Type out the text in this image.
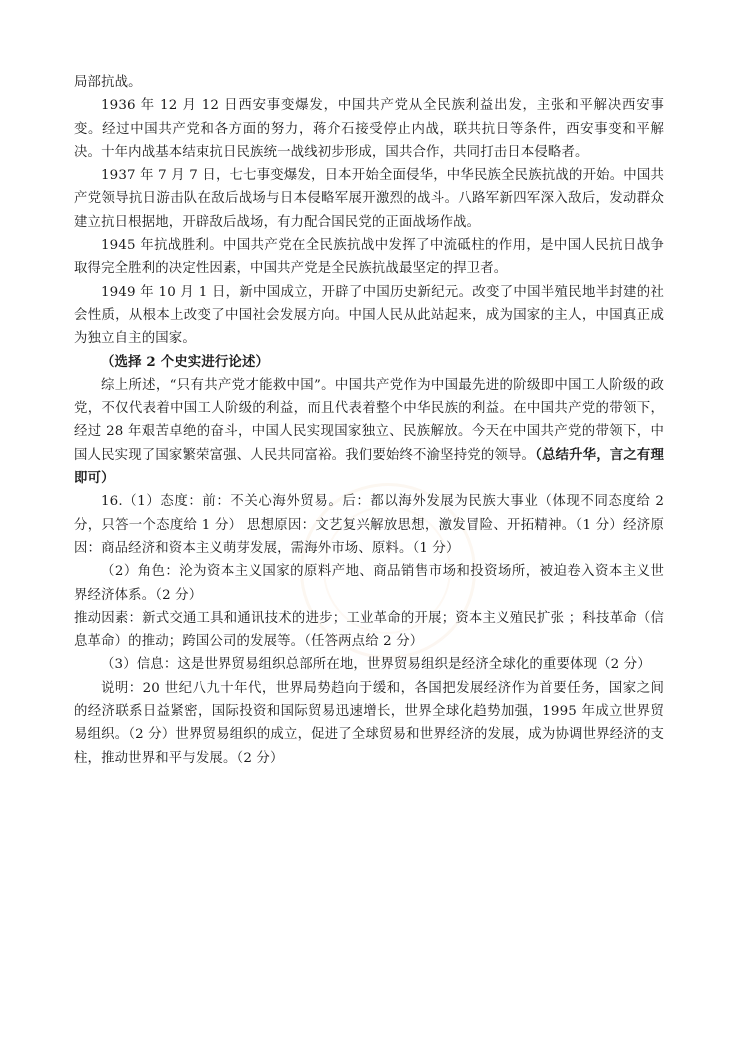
局部抗战。

1936 年 12 月 12 日西安事变爆发，中国共产党从全民族利益出发，主张和平解决西安事变。经过中国共产党和各方面的努力，蒋介石接受停止内战，联共抗日等条件，西安事变和平解决。十年内战基本结束抗日民族统一战线初步形成，国共合作，共同打击日本侵略者。

1937 年 7 月 7 日，七七事变爆发，日本开始全面侵华，中华民族全民族抗战的开始。中国共产党领导抗日游击队在敌后战场与日本侵略军展开激烈的战斗。八路军新四军深入敌后，发动群众建立抗日根据地，开辟敌后战场，有力配合国民党的正面战场作战。

1945 年抗战胜利。中国共产党在全民族抗战中发挥了中流砥柱的作用，是中国人民抗日战争取得完全胜利的决定性因素，中国共产党是全民族抗战最坚定的捍卫者。

1949 年 10 月 1 日，新中国成立，开辟了中国历史新纪元。改变了中国半殖民地半封建的社会性质，从根本上改变了中国社会发展方向。中国人民从此站起来，成为国家的主人，中国真正成为独立自主的国家。

（选择 2 个史实进行论述）

综上所述，“只有共产党才能救中国”。中国共产党作为中国最先进的阶级即中国工人阶级的政党，不仅代表着中国工人阶级的利益，而且代表着整个中华民族的利益。在中国共产党的带领下，经过 28 年艰苦卓绝的奋斗，中国人民实现国家独立、民族解放。今天在中国共产党的带领下，中国人民实现了国家繁荣富强、人民共同富裕。我们要始终不渝坚持党的领导。（总结升华，言之有理即可）

16.（1）态度：前：不关心海外贸易。后：都以海外发展为民族大事业（体现不同态度给 2 分，只答一个态度给 1 分） 思想原因：文艺复兴解放思想，激发冒险、开拓精神。（1 分）经济原因：商品经济和资本主义萌芽发展，需海外市场、原料。（1 分）

（2）角色：沦为资本主义国家的原料产地、商品销售市场和投资场所，被迫卷入资本主义世界经济体系。（2 分）

推动因素：新式交通工具和通讯技术的进步；工业革命的开展；资本主义殖民扩张 ；科技革命（信息革命）的推动；跨国公司的发展等。（任答两点给 2 分）

（3）信息：这是世界贸易组织总部所在地，世界贸易组织是经济全球化的重要体现（2 分）

说明：20 世纪八九十年代，世界局势趋向于缓和，各国把发展经济作为首要任务，国家之间的经济联系日益紧密，国际投资和国际贸易迅速增长，世界全球化趋势加强，1995 年成立世界贸易组织。（2 分）世界贸易组织的成立，促进了全球贸易和世界经济的发展，成为协调世界经济的支柱，推动世界和平与发展。（2 分）
